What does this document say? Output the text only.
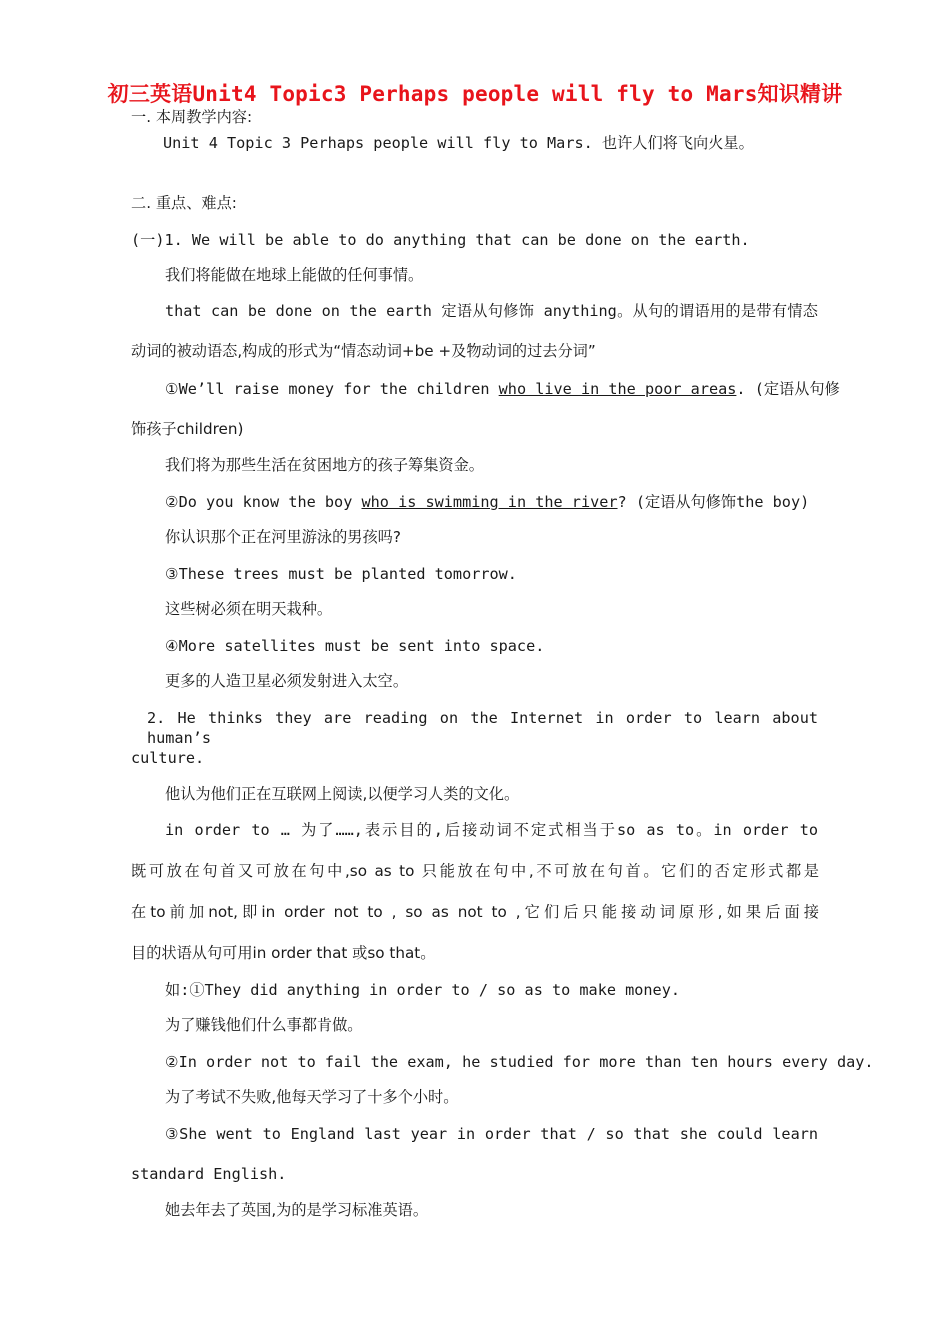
初三英语Unit4 Topic3 Perhaps people will fly to Mars知识精讲
一. 本周教学内容:
Unit 4 Topic 3 Perhaps people will fly to Mars. 也许人们将飞向火星。
二. 重点、难点:
(一)1. We will be able to do anything that can be done on the earth.
我们将能做在地球上能做的任何事情。
that can be done on the earth 定语从句修饰 anything。从句的谓语用的是带有情态
动词的被动语态,构成的形式为“情态动词+be +及物动词的过去分词”
①We’ll raise money for the children who live in the poor areas. (定语从句修
饰孩子children)
我们将为那些生活在贫困地方的孩子筹集资金。
②Do you know the boy who is swimming in the river? (定语从句修饰the boy)
你认识那个正在河里游泳的男孩吗?
③These trees must be planted tomorrow.
这些树必须在明天栽种。
④More satellites must be sent into space.
更多的人造卫星必须发射进入太空。
2. He thinks they are reading on the Internet in order to learn about human’s
culture.
他认为他们正在互联网上阅读,以便学习人类的文化。
in order to … 为了……,表示目的,后接动词不定式相当于so as to。in order to
既可放在句首又可放在句中,so as to 只能放在句中,不可放在句首。它们的否定形式都是
在to前加not,即in order not to , so as not to ,它们后只能接动词原形,如果后面接
目的状语从句可用in order that 或so that。
如:①They did anything in order to / so as to make money.
为了赚钱他们什么事都肯做。
②In order not to fail the exam, he studied for more than ten hours every day.
为了考试不失败,他每天学习了十多个小时。
③She went to England last year in order that / so that she could learn
standard English.
她去年去了英国,为的是学习标准英语。
